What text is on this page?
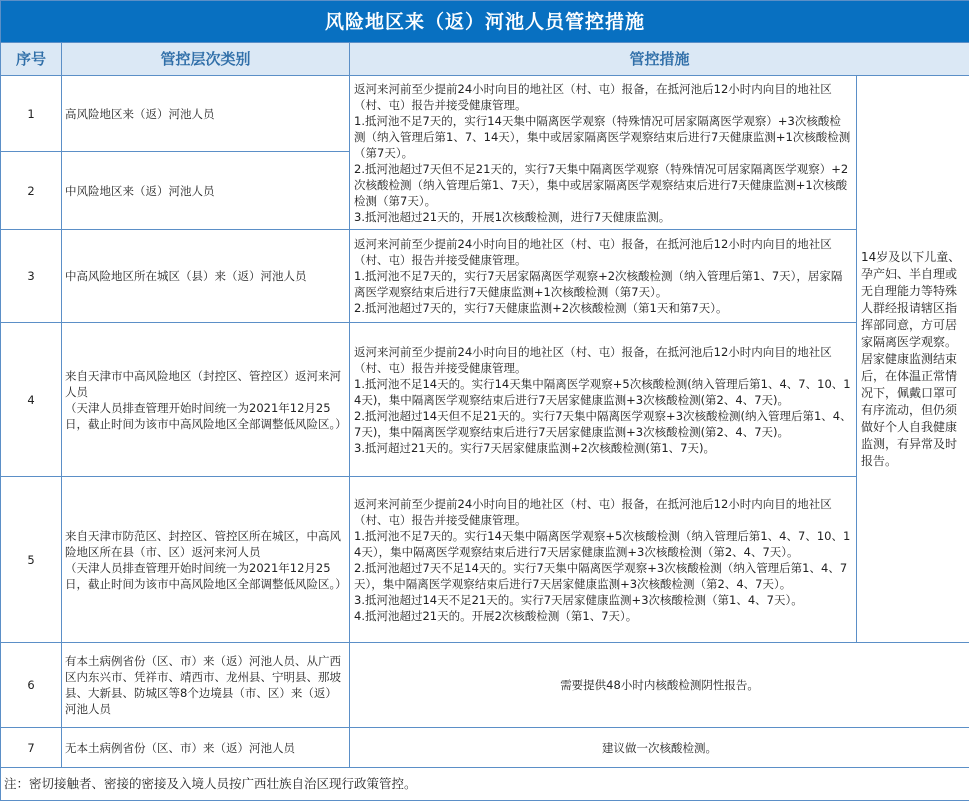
风险地区来（返）河池人员管控措施			
序号	管控层次类别	管控措施	
1	高风险地区来（返）河池人员	返河来河前至少提前24小时向目的地社区（村、屯）报备，在抵河池后12小时内向目的地社区（村、屯）报告并接受健康管理。
1.抵河池不足7天的，实行14天集中隔离医学观察（特殊情况可居家隔离医学观察）+3次核酸检测（纳入管理后第1、7、14天），集中或居家隔离医学观察结束后进行7天健康监测+1次核酸检测（第7天）。
2.抵河池超过7天但不足21天的，实行7天集中隔离医学观察（特殊情况可居家隔离医学观察）+2次核酸检测（纳入管理后第1、7天），集中或居家隔离医学观察结束后进行7天健康监测+1次核酸检测（第7天）。
3.抵河池超过21天的，开展1次核酸检测，进行7天健康监测。	14岁及以下儿童、孕产妇、半自理或无自理能力等特殊人群经报请辖区指挥部同意，方可居家隔离医学观察。居家健康监测结束后，在体温正常情况下，佩戴口罩可有序流动，但仍须做好个人自我健康监测，有异常及时报告。
2	中风险地区来（返）河池人员		
3	中高风险地区所在城区（县）来（返）河池人员	返河来河前至少提前24小时向目的地社区（村、屯）报备，在抵河池后12小时内向目的地社区（村、屯）报告并接受健康管理。
1.抵河池不足7天的，实行7天居家隔离医学观察+2次核酸检测（纳入管理后第1、7天），居家隔离医学观察结束后进行7天健康监测+1次核酸检测（第7天）。
2.抵河池超过7天的，实行7天健康监测+2次核酸检测（第1天和第7天）。	
4	来自天津市中高风险地区（封控区、管控区）返河来河人员
（天津人员排查管理开始时间统一为2021年12月25日，截止时间为该市中高风险地区全部调整低风险区。）	返河来河前至少提前24小时向目的地社区（村、屯）报备，在抵河池后12小时内向目的地社区（村、屯）报告并接受健康管理。
1.抵河池不足14天的。实行14天集中隔离医学观察+5次核酸检测(纳入管理后第1、4、7、10、14天)，集中隔离医学观察结束后进行7天居家健康监测+3次核酸检测(第2、4、7天)。
2.抵河池超过14天但不足21天的。实行7天集中隔离医学观察+3次核酸检测(纳入管理后第1、4、7天)，集中隔离医学观察结束后进行7天居家健康监测+3次核酸检测(第2、4、7天)。
3.抵河超过21天的。实行7天居家健康监测+2次核酸检测(第1、7天)。	
5	来自天津市防范区、封控区、管控区所在城区，中高风险地区所在县（市、区）返河来河人员
（天津人员排查管理开始时间统一为2021年12月25日，截止时间为该市中高风险地区全部调整低风险区。）	返河来河前至少提前24小时向目的地社区（村、屯）报备，在抵河池后12小时内向目的地社区（村、屯）报告并接受健康管理。
1.抵河池不足7天的。实行14天集中隔离医学观察+5次核酸检测（纳入管理后第1、4、7、10、14天），集中隔离医学观察结束后进行7天居家健康监测+3次核酸检测（第2、4、7天）。
2.抵河池超过7天不足14天的。实行7天集中隔离医学观察+3次核酸检测（纳入管理后第1、4、7天），集中隔离医学观察结束后进行7天居家健康监测+3次核酸检测（第2、4、7天）。
3.抵河池超过14天不足21天的。实行7天居家健康监测+3次核酸检测（第1、4、7天）。
4.抵河池超过21天的。开展2次核酸检测（第1、7天）。	
6	有本土病例省份（区、市）来（返）河池人员、从广西区内东兴市、凭祥市、靖西市、龙州县、宁明县、那坡县、大新县、防城区等8个边境县（市、区）来（返）河池人员	需要提供48小时内核酸检测阴性报告。	
7	无本土病例省份（区、市）来（返）河池人员	建议做一次核酸检测。	
注：密切接触者、密接的密接及入境人员按广西壮族自治区现行政策管控。			
